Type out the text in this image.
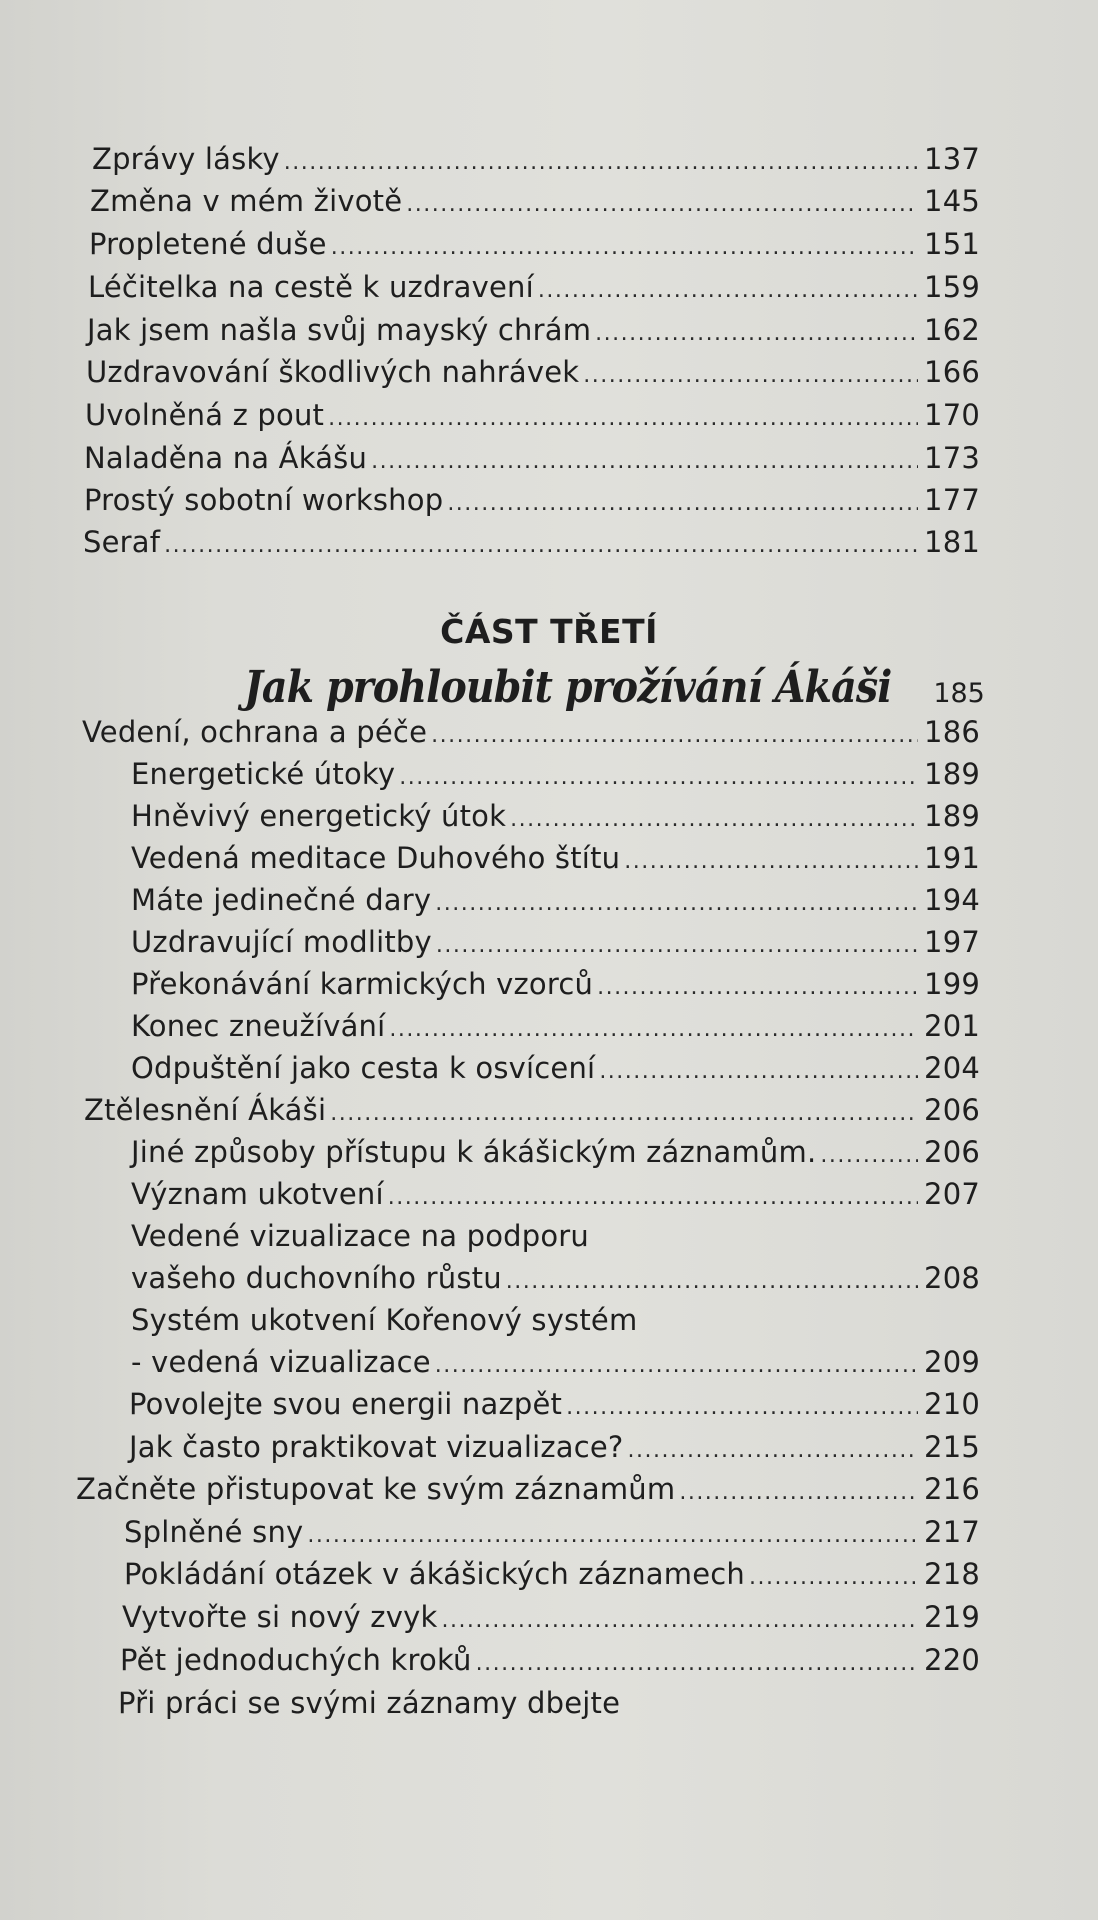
Zprávy lásky .....	137
Změna v mém životě .....	145
Propletené duše .....	151
Léčitelka na cestě k uzdravení .....	159
Jak jsem našla svůj mayský chrám .....	162
Uzdravování škodlivých nahrávek .....	166
Uvolněná z pout .....	170
Naladěna na Ákášu .....	173
Prostý sobotní workshop .....	177
Seraf .....	181
ČÁST TŘETÍ
Jak prohloubit prožívání Ákáši 185
Vedení, ochrana a péče .....	186
Energetické útoky .....	189
Hněvivý energetický útok .....	189
Vedená meditace Duhového štítu .....	191
Máte jedinečné dary .....	194
Uzdravující modlitby .....	197
Překonávání karmických vzorců .....	199
Konec zneužívání .....	201
Odpuštění jako cesta k osvícení .....	204
Ztělesnění Ákáši .....	206
Jiné způsoby přístupu k ákášickým záznamům. .....	206
Význam ukotvení .....	207
Vedené vizualizace na podporu
vašeho duchovního růstu .....	208
Systém ukotvení Kořenový systém
- vedená vizualizace .....	209
Povolejte svou energii nazpět .....	210
Jak často praktikovat vizualizace? .....	215
Začněte přistupovat ke svým záznamům .....	216
Splněné sny .....	217
Pokládání otázek v ákášických záznamech .....	218
Vytvořte si nový zvyk .....	219
Pět jednoduchých kroků .....	220
Při práci se svými záznamy dbejte
